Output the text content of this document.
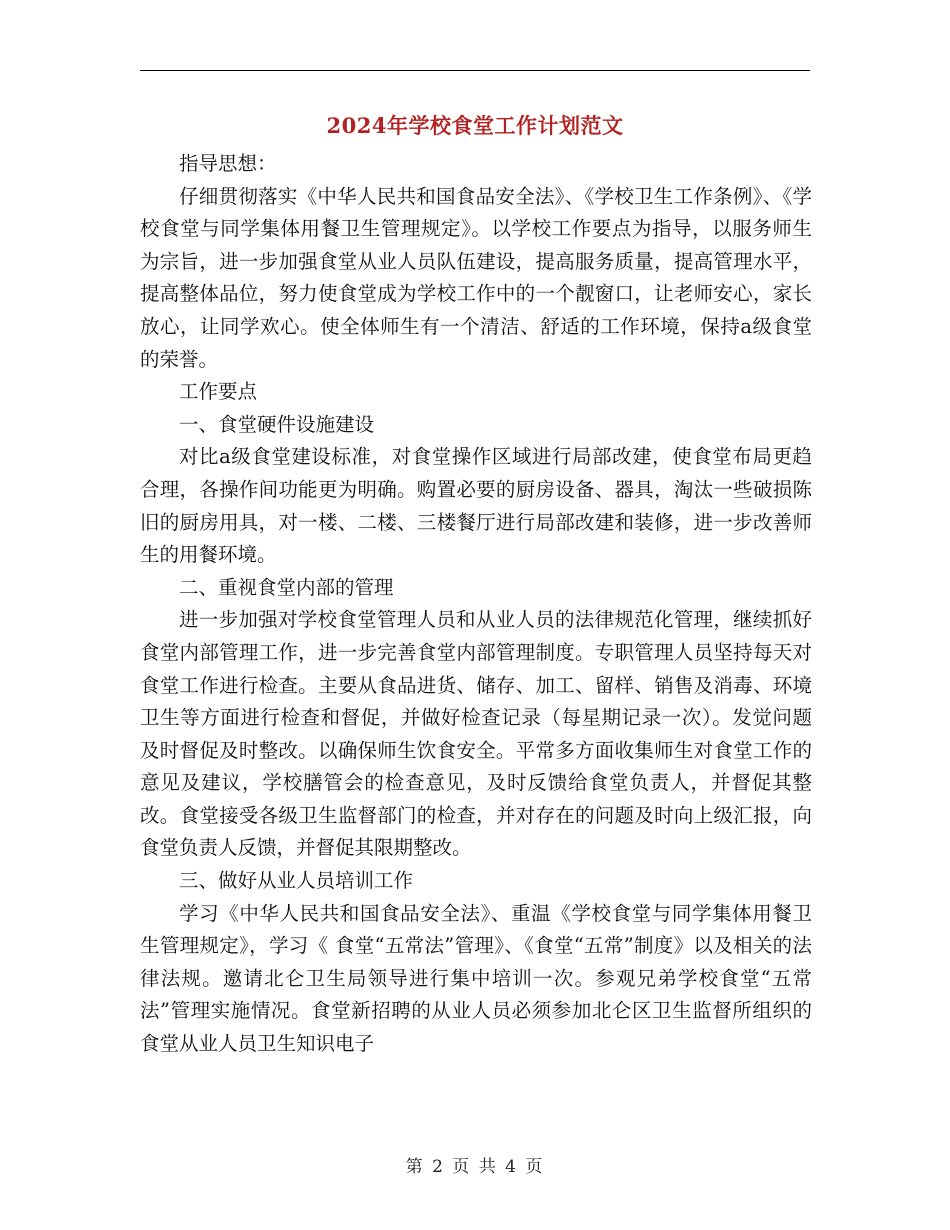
2024年学校食堂工作计划范文

指导思想：

仔细贯彻落实《中华人民共和国食品安全法》、《学校卫生工作条例》、《学校食堂与同学集体用餐卫生管理规定》。以学校工作要点为指导，以服务师生为宗旨，进一步加强食堂从业人员队伍建设，提高服务质量，提高管理水平，提高整体品位，努力使食堂成为学校工作中的一个靓窗口，让老师安心，家长放心，让同学欢心。使全体师生有一个清洁、舒适的工作环境，保持a级食堂的荣誉。

工作要点

一、食堂硬件设施建设

对比a级食堂建设标准，对食堂操作区域进行局部改建，使食堂布局更趋合理，各操作间功能更为明确。购置必要的厨房设备、器具，淘汰一些破损陈旧的厨房用具，对一楼、二楼、三楼餐厅进行局部改建和装修，进一步改善师生的用餐环境。

二、重视食堂内部的管理

进一步加强对学校食堂管理人员和从业人员的法律规范化管理，继续抓好食堂内部管理工作，进一步完善食堂内部管理制度。专职管理人员坚持每天对食堂工作进行检查。主要从食品进货、储存、加工、留样、销售及消毒、环境卫生等方面进行检查和督促，并做好检查记录（每星期记录一次）。发觉问题及时督促及时整改。以确保师生饮食安全。平常多方面收集师生对食堂工作的意见及建议，学校膳管会的检查意见，及时反馈给食堂负责人，并督促其整改。食堂接受各级卫生监督部门的检查，并对存在的问题及时向上级汇报，向食堂负责人反馈，并督促其限期整改。

三、做好从业人员培训工作

学习《中华人民共和国食品安全法》、重温《学校食堂与同学集体用餐卫生管理规定》，学习《 食堂“五常法”管理》、《食堂“五常”制度》以及相关的法律法规。邀请北仑卫生局领导进行集中培训一次。参观兄弟学校食堂“五常法”管理实施情况。食堂新招聘的从业人员必须参加北仑区卫生监督所组织的食堂从业人员卫生知识电子

第 2 页 共 4 页
